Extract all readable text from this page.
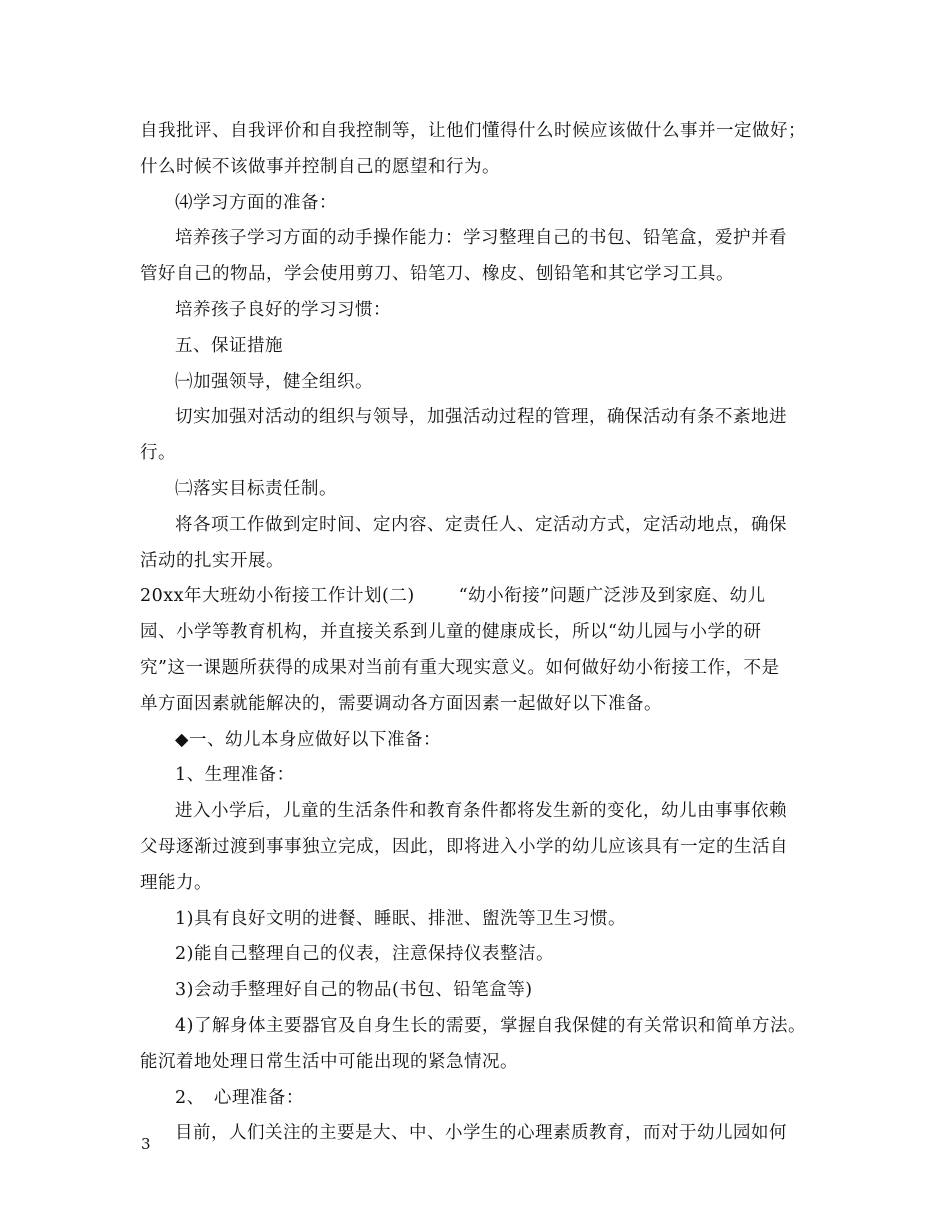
自我批评、自我评价和自我控制等，让他们懂得什么时候应该做什么事并一定做好；
什么时候不该做事并控制自己的愿望和行为。
⑷学习方面的准备：
培养孩子学习方面的动手操作能力：学习整理自己的书包、铅笔盒，爱护并看
管好自己的物品，学会使用剪刀、铅笔刀、橡皮、刨铅笔和其它学习工具。
培养孩子良好的学习习惯：
五、保证措施
㈠加强领导，健全组织。
切实加强对活动的组织与领导，加强活动过程的管理，确保活动有条不紊地进
行。
㈡落实目标责任制。
将各项工作做到定时间、定内容、定责任人、定活动方式，定活动地点，确保
活动的扎实开展。
20xx年大班幼小衔接工作计划(二)	“幼小衔接”问题广泛涉及到家庭、幼儿
园、小学等教育机构，并直接关系到儿童的健康成长，所以“幼儿园与小学的研
究”这一课题所获得的成果对当前有重大现实意义。如何做好幼小衔接工作，不是
单方面因素就能解决的，需要调动各方面因素一起做好以下准备。
◆一、幼儿本身应做好以下准备：
1、生理准备：
进入小学后，儿童的生活条件和教育条件都将发生新的变化，幼儿由事事依赖
父母逐渐过渡到事事独立完成，因此，即将进入小学的幼儿应该具有一定的生活自
理能力。
1)具有良好文明的进餐、睡眠、排泄、盥洗等卫生习惯。
2)能自己整理自己的仪表，注意保持仪表整洁。
3)会动手整理好自己的物品(书包、铅笔盒等)
4)了解身体主要器官及自身生长的需要，掌握自我保健的有关常识和简单方法。
能沉着地处理日常生活中可能出现的紧急情况。
2、　心理准备：
目前，人们关注的主要是大、中、小学生的心理素质教育，而对于幼儿园如何
3
